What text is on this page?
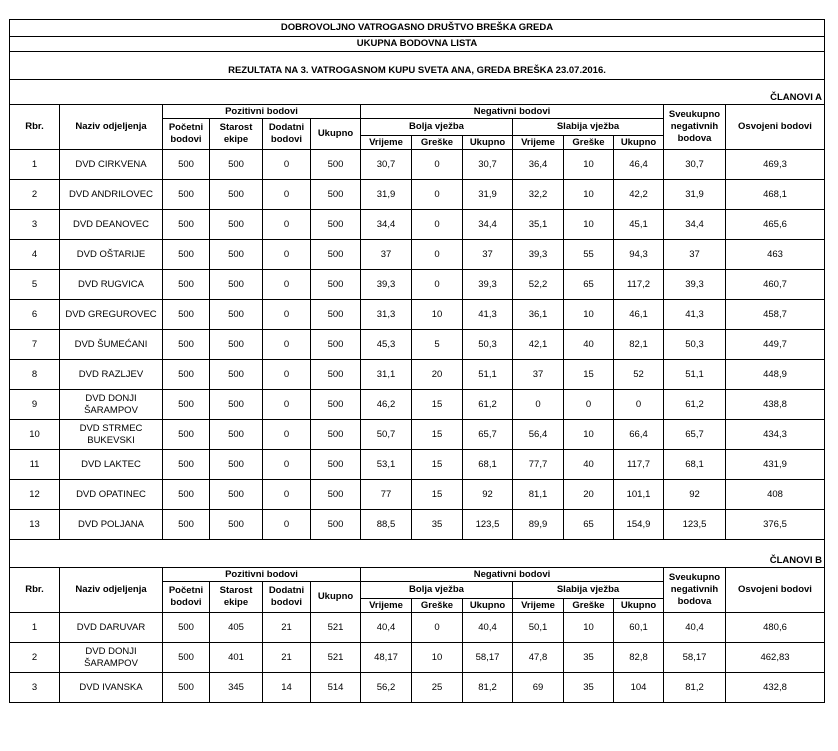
DOBROVOLJNO VATROGASNO DRUŠTVO BREŠKA GREDA													
UKUPNA BODOVNA LISTA													
REZULTATA NA 3. VATROGASNOM KUPU SVETA ANA, GREDA BREŠKA 23.07.2016.													
ČLANOVI A													
Rbr.	Naziv odjeljenja	Pozitivni bodovi				Negativni bodovi						Sveukupno negativnih bodova	Osvojeni bodovi
		Početni bodovi	Starost ekipe	Dodatni bodovi	Ukupno	Bolja vježba			Slabija vježba				
						Vrijeme	Greške	Ukupno	Vrijeme	Greške	Ukupno		
1	DVD CIRKVENA	500	500	0	500	30,7	0	30,7	36,4	10	46,4	30,7	469,3
2	DVD ANDRILOVEC	500	500	0	500	31,9	0	31,9	32,2	10	42,2	31,9	468,1
3	DVD DEANOVEC	500	500	0	500	34,4	0	34,4	35,1	10	45,1	34,4	465,6
4	DVD OŠTARIJE	500	500	0	500	37	0	37	39,3	55	94,3	37	463
5	DVD RUGVICA	500	500	0	500	39,3	0	39,3	52,2	65	117,2	39,3	460,7
6	DVD GREGUROVEC	500	500	0	500	31,3	10	41,3	36,1	10	46,1	41,3	458,7
7	DVD ŠUMEĆANI	500	500	0	500	45,3	5	50,3	42,1	40	82,1	50,3	449,7
8	DVD RAZLJEV	500	500	0	500	31,1	20	51,1	37	15	52	51,1	448,9
9	DVD DONJI ŠARAMPOV	500	500	0	500	46,2	15	61,2	0	0	0	61,2	438,8
10	DVD STRMEC BUKEVSKI	500	500	0	500	50,7	15	65,7	56,4	10	66,4	65,7	434,3
11	DVD LAKTEC	500	500	0	500	53,1	15	68,1	77,7	40	117,7	68,1	431,9
12	DVD OPATINEC	500	500	0	500	77	15	92	81,1	20	101,1	92	408
13	DVD POLJANA	500	500	0	500	88,5	35	123,5	89,9	65	154,9	123,5	376,5
ČLANOVI B													
Rbr.	Naziv odjeljenja	Pozitivni bodovi				Negativni bodovi						Sveukupno negativnih bodova	Osvojeni bodovi
		Početni bodovi	Starost ekipe	Dodatni bodovi	Ukupno	Bolja vježba			Slabija vježba				
						Vrijeme	Greške	Ukupno	Vrijeme	Greške	Ukupno		
1	DVD DARUVAR	500	405	21	521	40,4	0	40,4	50,1	10	60,1	40,4	480,6
2	DVD DONJI ŠARAMPOV	500	401	21	521	48,17	10	58,17	47,8	35	82,8	58,17	462,83
3	DVD IVANSKA	500	345	14	514	56,2	25	81,2	69	35	104	81,2	432,8
